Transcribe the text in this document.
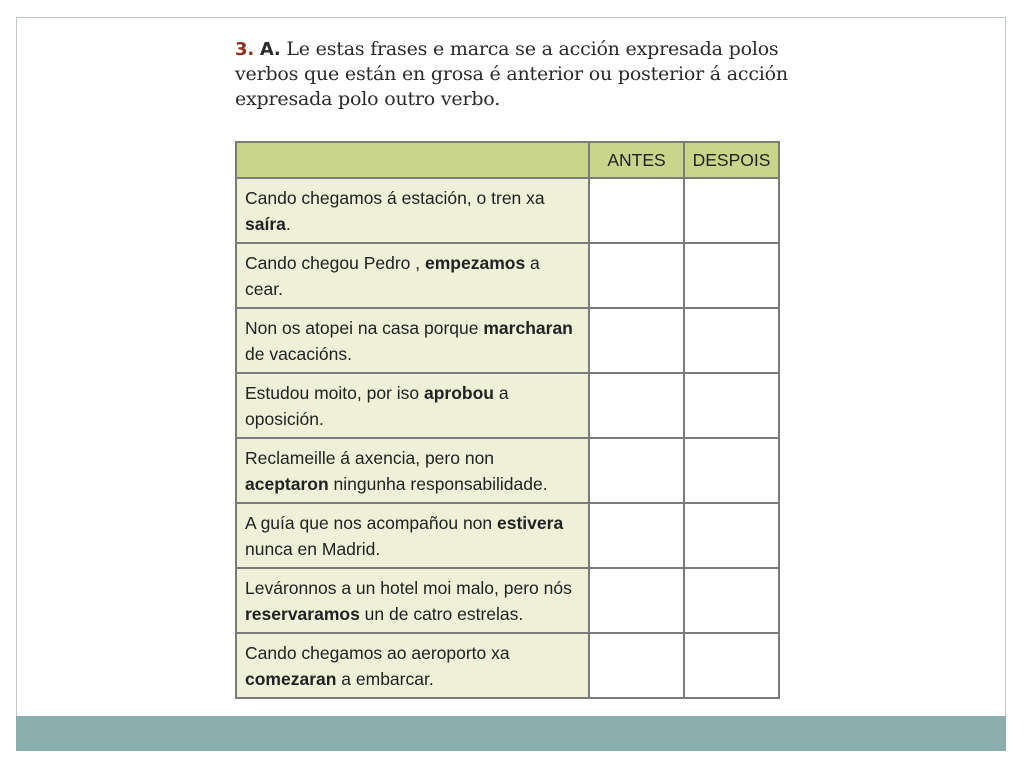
3. A. Le estas frases e marca se a acción expresada polos verbos que están en grosa é anterior ou posterior á acción expresada polo outro verbo.
	ANTES	DESPOIS
Cando chegamos á estación, o tren xa saíra.		
Cando chegou Pedro , empezamos a cear.		
Non os atopei na casa porque marcharan de vacacións.		
Estudou moito, por iso aprobou a oposición.		
Reclameille á axencia, pero non aceptaron ningunha responsabilidade.		
A guía que nos acompañou non estivera nunca en Madrid.		
Leváronnos a un hotel moi malo, pero nós reservaramos un de catro estrelas.		
Cando chegamos ao aeroporto xa comezaran a embarcar.		
